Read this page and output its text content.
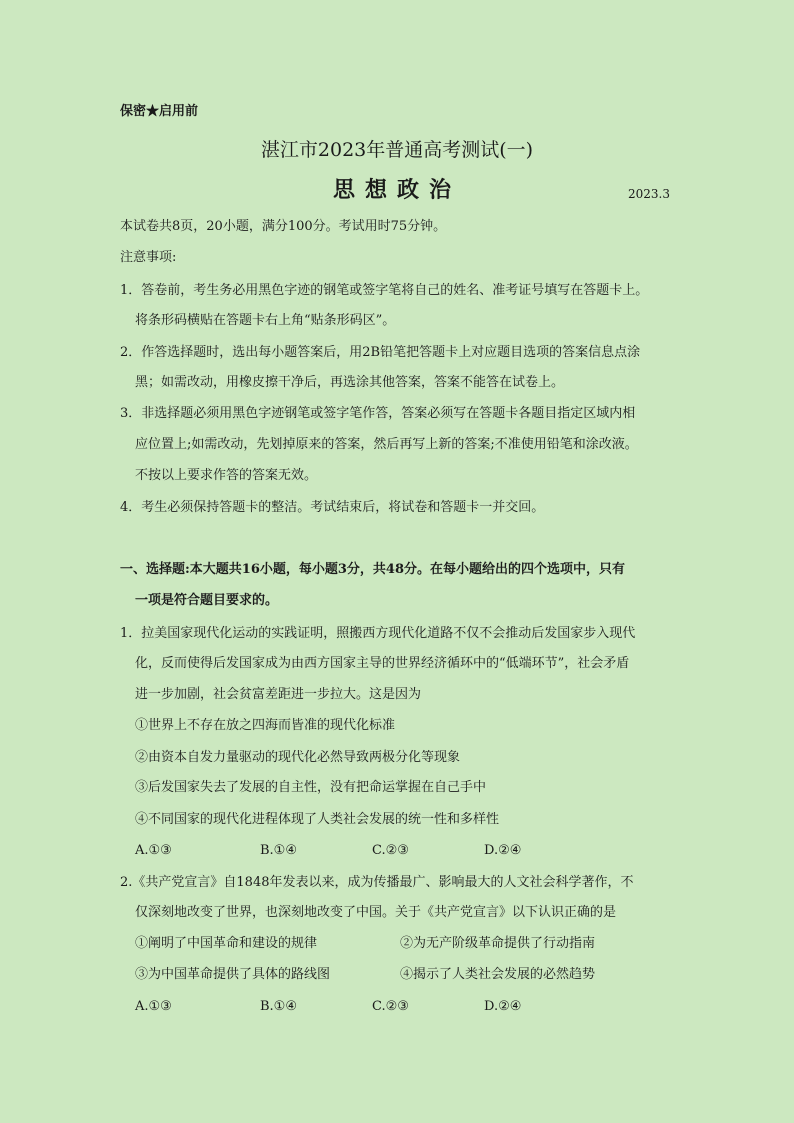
保密★启用前
湛江市2023年普通高考测试(一)
思想政治	2023.3
本试卷共8页，20小题，满分100分。考试用时75分钟。
注意事项:
1．答卷前，考生务必用黑色字迹的钢笔或签字笔将自己的姓名、准考证号填写在答题卡上。
将条形码横贴在答题卡右上角“贴条形码区”。
2．作答选择题时，选出每小题答案后，用2B铅笔把答题卡上对应题目选项的答案信息点涂
黑；如需改动，用橡皮擦干净后，再选涂其他答案，答案不能答在试卷上。
3．非选择题必须用黑色字迹钢笔或签字笔作答，答案必须写在答题卡各题目指定区域内相
应位置上;如需改动，先划掉原来的答案，然后再写上新的答案;不准使用铅笔和涂改液。
不按以上要求作答的答案无效。
4．考生必须保持答题卡的整洁。考试结束后，将试卷和答题卡一并交回。
一、选择题:本大题共16小题，每小题3分，共48分。在每小题给出的四个选项中，只有
一项是符合题目要求的。
1．拉美国家现代化运动的实践证明，照搬西方现代化道路不仅不会推动后发国家步入现代
化，反而使得后发国家成为由西方国家主导的世界经济循环中的“低端环节”，社会矛盾
进一步加剧，社会贫富差距进一步拉大。这是因为
①世界上不存在放之四海而皆准的现代化标准
②由资本自发力量驱动的现代化必然导致两极分化等现象
③后发国家失去了发展的自主性，没有把命运掌握在自己手中
④不同国家的现代化进程体现了人类社会发展的统一性和多样性
A.①③	B.①④	C.②③	D.②④
2.《共产党宣言》自1848年发表以来，成为传播最广、影响最大的人文社会科学著作，不
仅深刻地改变了世界，也深刻地改变了中国。关于《共产党宣言》以下认识正确的是
①阐明了中国革命和建设的规律	②为无产阶级革命提供了行动指南
③为中国革命提供了具体的路线图	④揭示了人类社会发展的必然趋势
A.①③	B.①④	C.②③	D.②④
